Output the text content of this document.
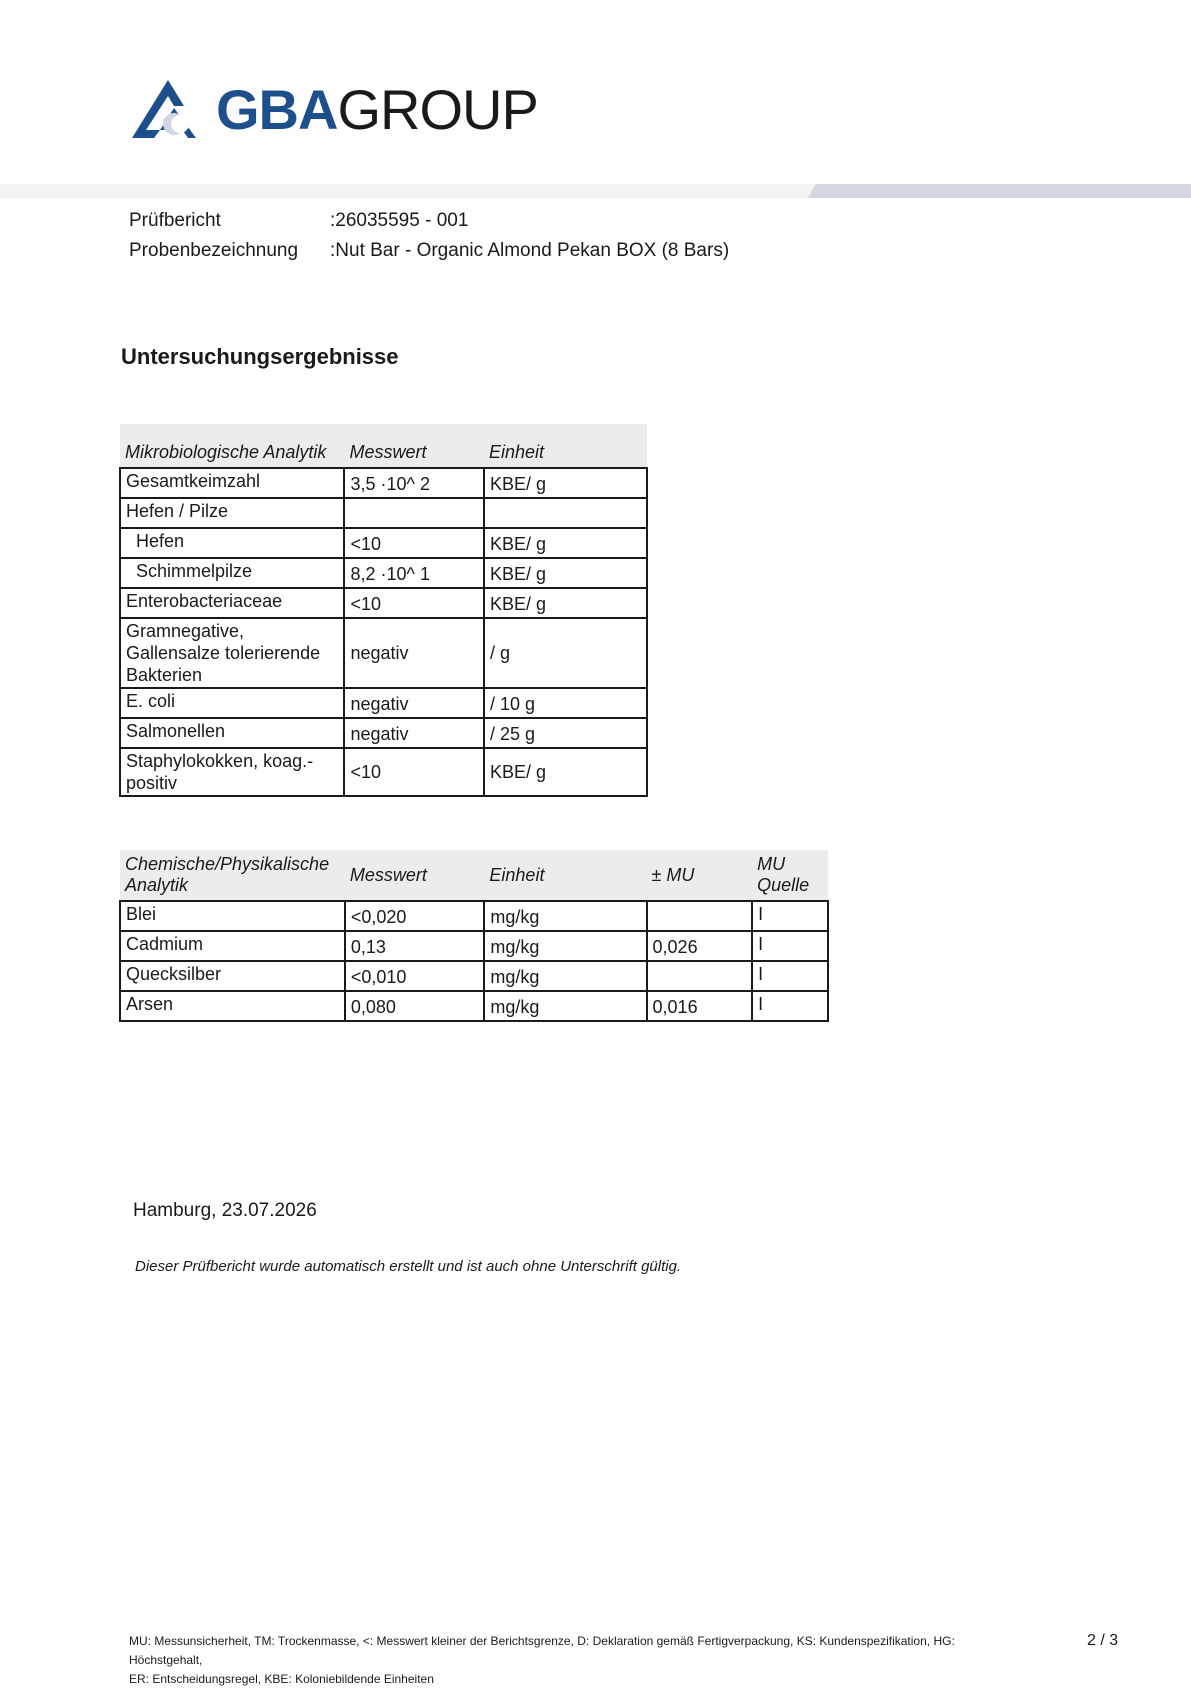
GBAGROUP
Prüfbericht	:26035595 - 001
Probenbezeichnung :Nut Bar - Organic Almond Pekan BOX (8 Bars)
Untersuchungsergebnisse
Mikrobiologische Analytik	Messwert	Einheit
Gesamtkeimzahl	3,5 ·10^ 2	KBE/ g
Hefen / Pilze		
Hefen	<10	KBE/ g
Schimmelpilze	8,2 ·10^ 1	KBE/ g
Enterobacteriaceae	<10	KBE/ g
Gramnegative, Gallensalze tolerierende Bakterien	negativ	/ g
E. coli	negativ	/ 10 g
Salmonellen	negativ	/ 25 g
Staphylokokken, koag.-positiv	<10	KBE/ g
Chemische/Physikalische Analytik	Messwert	Einheit	± MU	MU Quelle
Blei	<0,020	mg/kg		I
Cadmium	0,13	mg/kg	0,026	I
Quecksilber	<0,010	mg/kg		I
Arsen	0,080	mg/kg	0,016	I
Hamburg, 23.07.2026
Dieser Prüfbericht wurde automatisch erstellt und ist auch ohne Unterschrift gültig.
MU: Messunsicherheit, TM: Trockenmasse, <: Messwert kleiner der Berichtsgrenze, D: Deklaration gemäß Fertigverpackung, KS: Kundenspezifikation, HG: Höchstgehalt,
ER: Entscheidungsregel, KBE: Koloniebildende Einheiten
2 / 3
